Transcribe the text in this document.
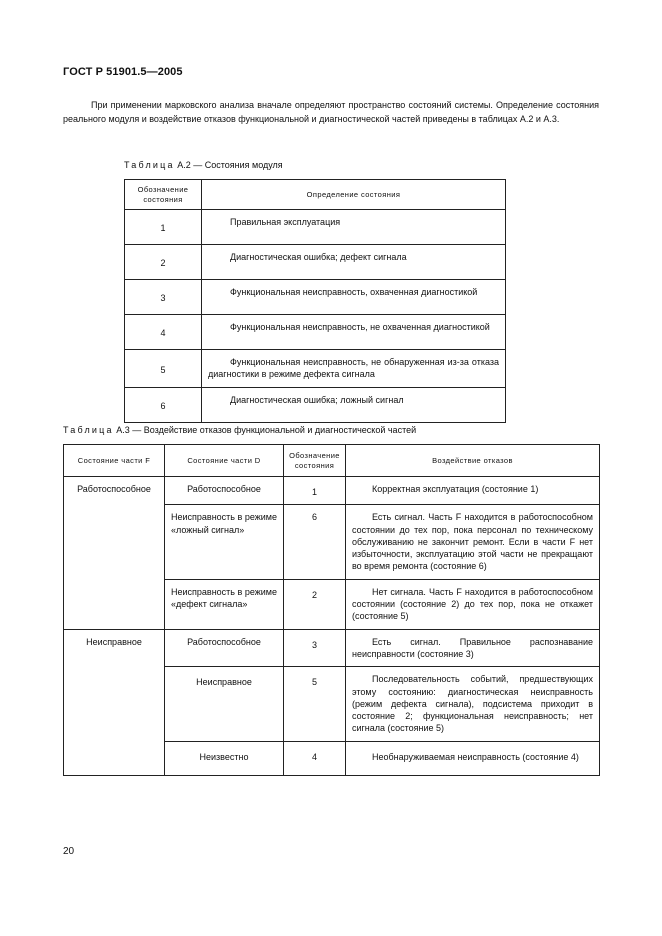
ГОСТ Р 51901.5—2005

При применении марковского анализа вначале определяют пространство состояний системы. Определение состояния реального модуля и воздействие отказов функциональной и диагностической частей приведены в таблицах А.2 и А.3.

Таблица А.2 — Состояния модуля
Обозначение состояния	Определение состояния
1	Правильная эксплуатация

2	Диагностическая ошибка; дефект сигнала

3	Функциональная неисправность, охваченная диагностикой

4	Функциональная неисправность, не охваченная диагностикой

5	Функциональная неисправность, не обнаруженная из-за отказа диагностики в режиме дефекта сигнала

6	Диагностическая ошибка; ложный сигнал
Таблица А.3 — Воздействие отказов функциональной и диагностической частей
Состояние части F	Состояние части D	Обозначение состояния	Воздействие отказов
Работоспособное	Работоспособное	1	Корректная эксплуатация (состояние 1)
	Неисправность в режиме «ложный сигнал»	6	Есть сигнал. Часть F находится в работоспособном состоянии до тех пор, пока персонал по техническому обслуживанию не закончит ремонт. Если в части F нет избыточности, эксплуатацию этой части не прекращают во время ремонта (состояние 6)
	Неисправность в режиме «дефект сигнала»	2	Нет сигнала. Часть F находится в работоспособном состоянии (состояние 2) до тех пор, пока не откажет (состояние 5)
Неисправное	Работоспособное	3	Есть сигнал. Правильное распознавание неисправности (состояние 3)
	Неисправное	5	Последовательность событий, предшествующих этому состоянию: диагностическая неисправность (режим дефекта сигнала), подсистема приходит в состояние 2; функциональная неисправность; нет сигнала (состояние 5)
	Неизвестно	4	Необнаруживаемая неисправность (состояние 4)
20
